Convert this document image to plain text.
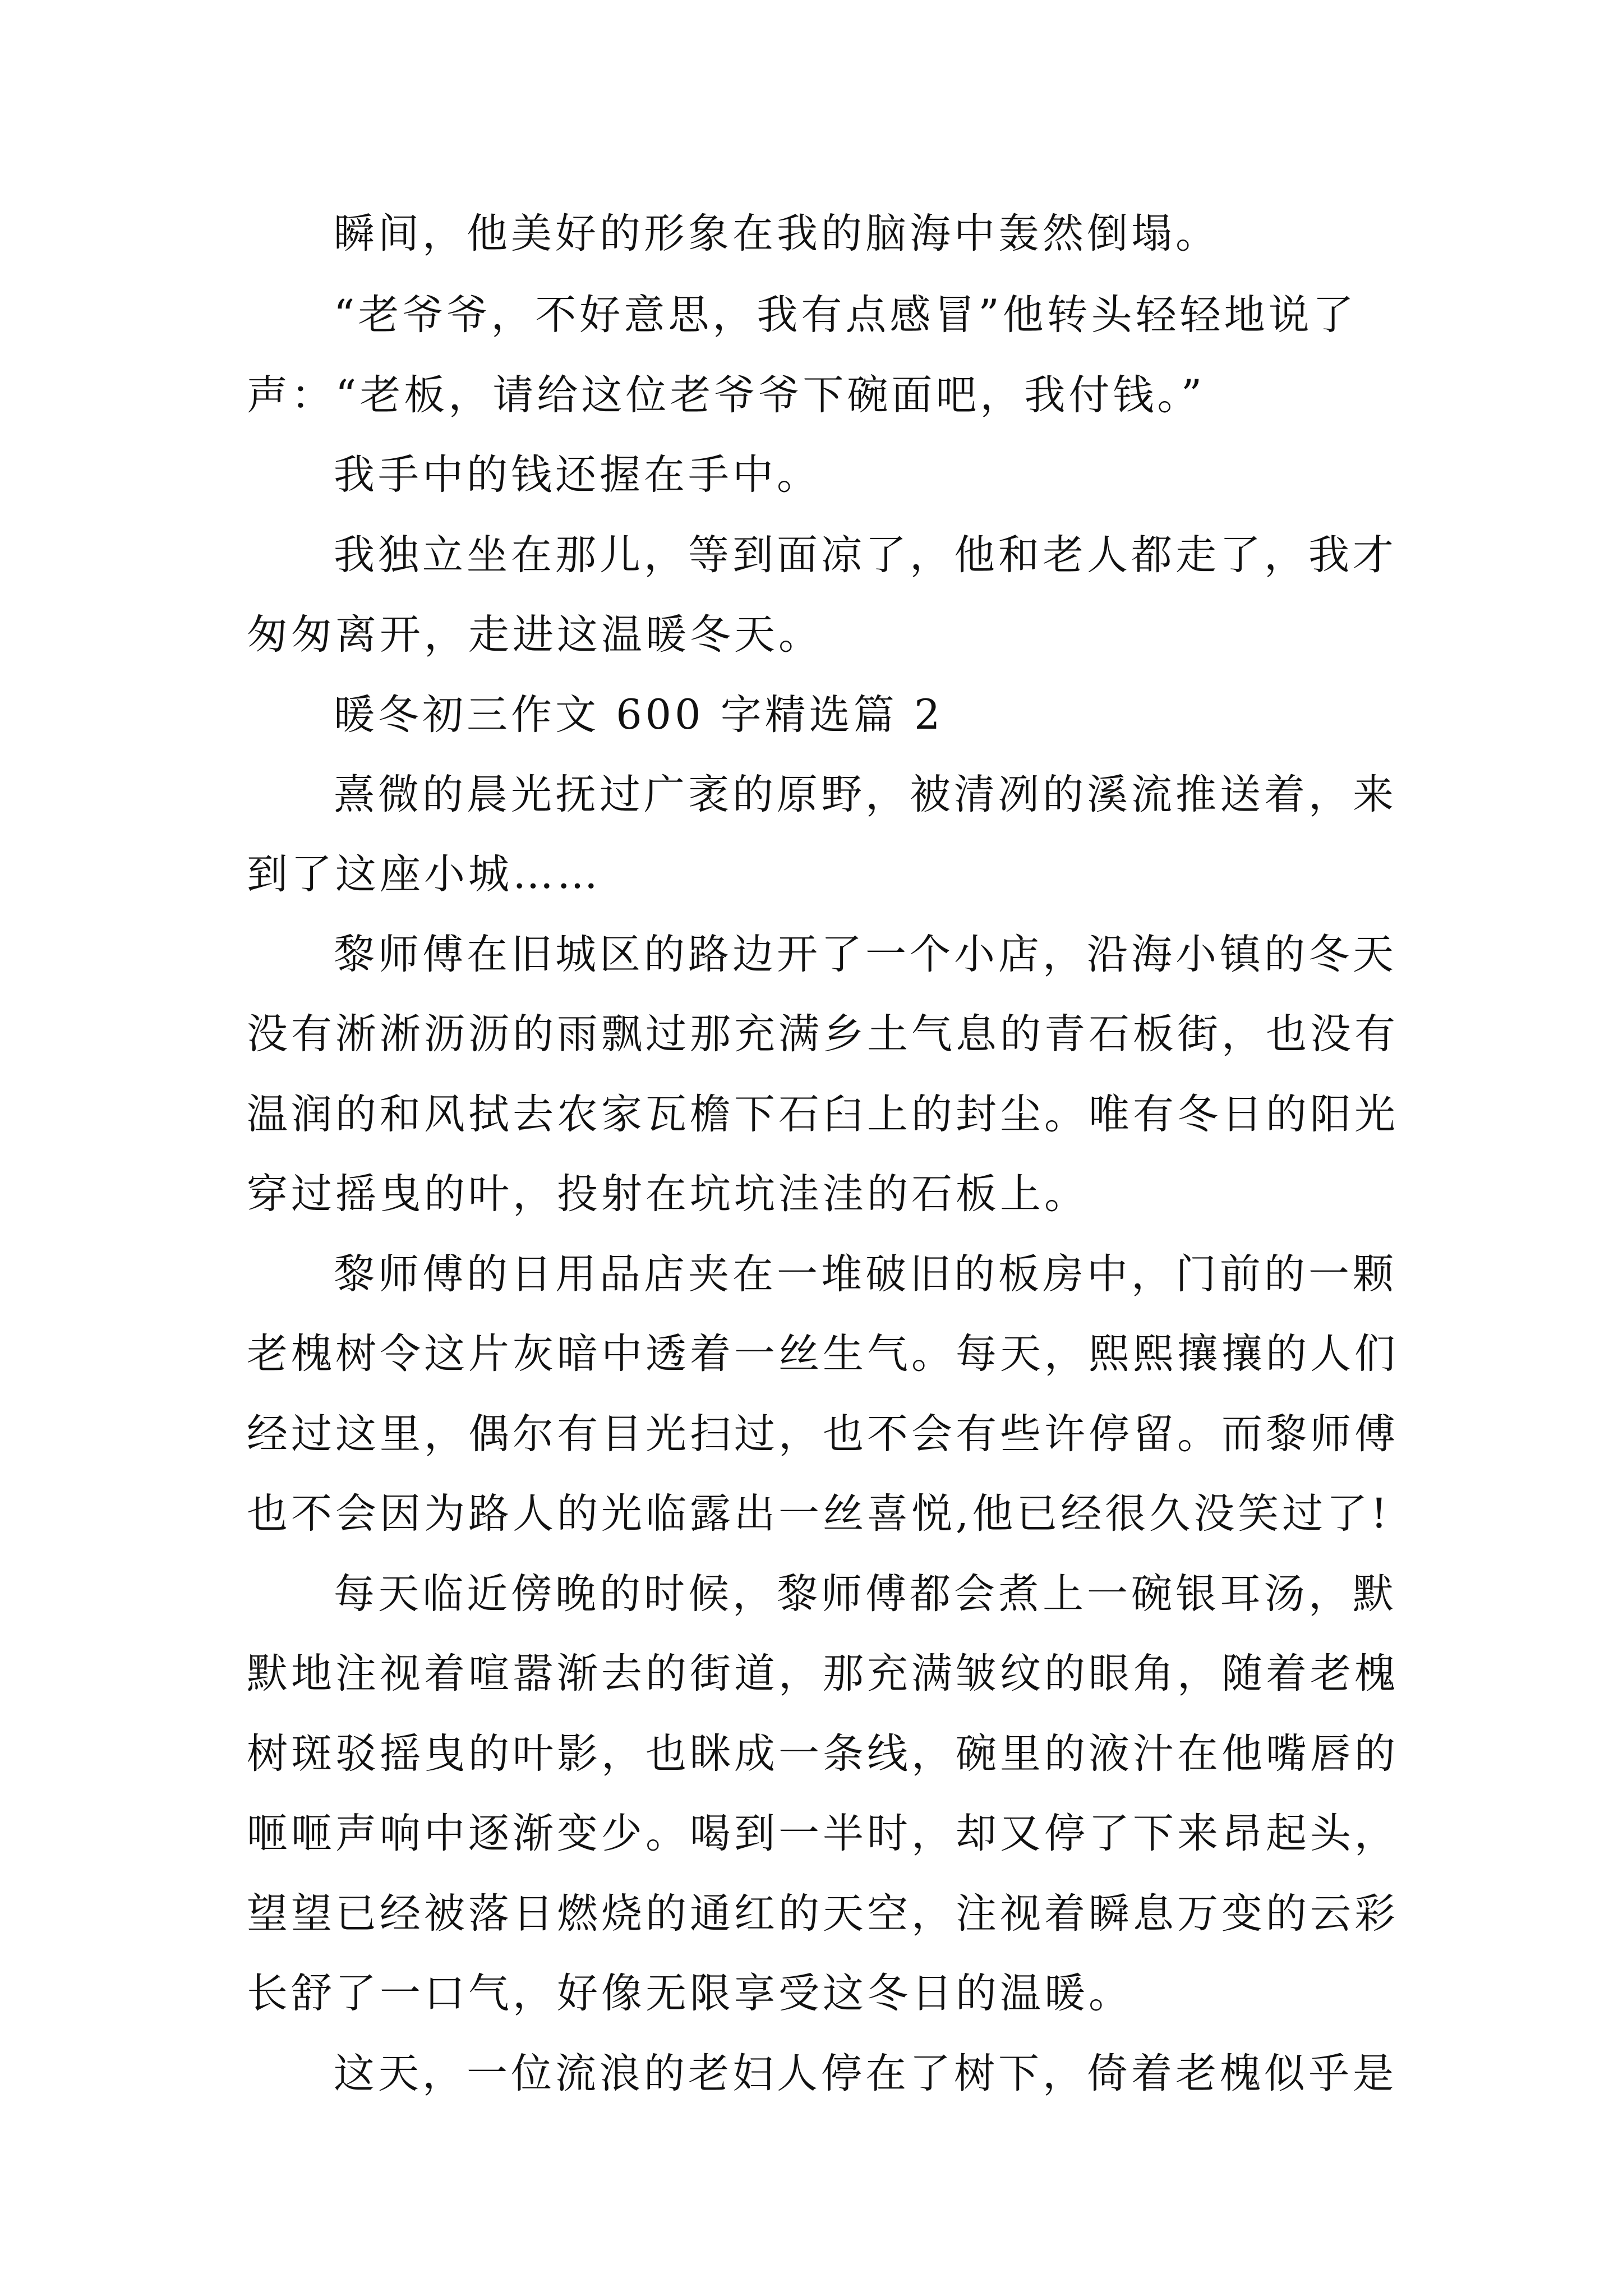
瞬间，他美好的形象在我的脑海中轰然倒塌。
“老爷爷，不好意思，我有点感冒”他转头轻轻地说了
声：“老板，请给这位老爷爷下碗面吧，我付钱。”
我手中的钱还握在手中。
我独立坐在那儿，等到面凉了，他和老人都走了，我才
匆匆离开，走进这温暖冬天。
暖冬初三作文 600 字精选篇 2
熹微的晨光抚过广袤的原野，被清冽的溪流推送着，来
到了这座小城……
黎师傅在旧城区的路边开了一个小店，沿海小镇的冬天
没有淅淅沥沥的雨飘过那充满乡土气息的青石板街，也没有
温润的和风拭去农家瓦檐下石臼上的封尘。唯有冬日的阳光
穿过摇曳的叶，投射在坑坑洼洼的石板上。
黎师傅的日用品店夹在一堆破旧的板房中，门前的一颗
老槐树令这片灰暗中透着一丝生气。每天，熙熙攘攘的人们
经过这里，偶尔有目光扫过，也不会有些许停留。而黎师傅
也不会因为路人的光临露出一丝喜悦,他已经很久没笑过了!
每天临近傍晚的时候，黎师傅都会煮上一碗银耳汤，默
默地注视着喧嚣渐去的街道，那充满皱纹的眼角，随着老槐
树斑驳摇曳的叶影，也眯成一条线，碗里的液汁在他嘴唇的
咂咂声响中逐渐变少。喝到一半时，却又停了下来昂起头，
望望已经被落日燃烧的通红的天空，注视着瞬息万变的云彩
长舒了一口气，好像无限享受这冬日的温暖。
这天，一位流浪的老妇人停在了树下，倚着老槐似乎是
